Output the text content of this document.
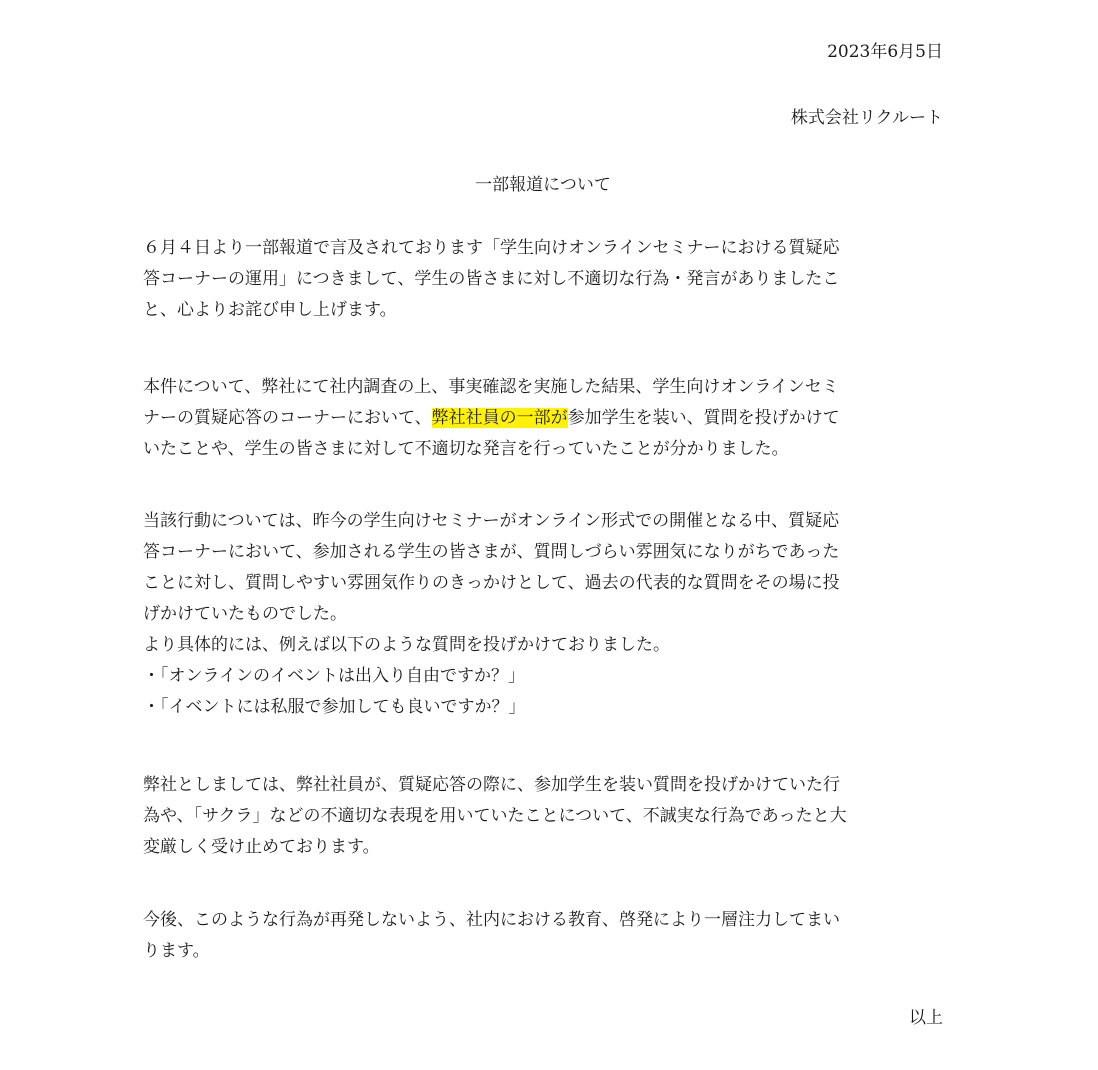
2023年6月5日
株式会社リクルート
一部報道について
６月４日より一部報道で言及されております「学生向けオンラインセミナーにおける質疑応
答コーナーの運用」につきまして、学生の皆さまに対し不適切な行為・発言がありましたこ
と、心よりお詫び申し上げます。
本件について、弊社にて社内調査の上、事実確認を実施した結果、学生向けオンラインセミ
ナーの質疑応答のコーナーにおいて、弊社社員の一部が参加学生を装い、質問を投げかけて
いたことや、学生の皆さまに対して不適切な発言を行っていたことが分かりました。
当該行動については、昨今の学生向けセミナーがオンライン形式での開催となる中、質疑応
答コーナーにおいて、参加される学生の皆さまが、質問しづらい雰囲気になりがちであった
ことに対し、質問しやすい雰囲気作りのきっかけとして、過去の代表的な質問をその場に投
げかけていたものでした。
より具体的には、例えば以下のような質問を投げかけておりました。
・「オンラインのイベントは出入り自由ですか？」
・「イベントには私服で参加しても良いですか？」
弊社としましては、弊社社員が、質疑応答の際に、参加学生を装い質問を投げかけていた行
為や、「サクラ」などの不適切な表現を用いていたことについて、不誠実な行為であったと大
変厳しく受け止めております。
今後、このような行為が再発しないよう、社内における教育、啓発により一層注力してまい
ります。
以上
